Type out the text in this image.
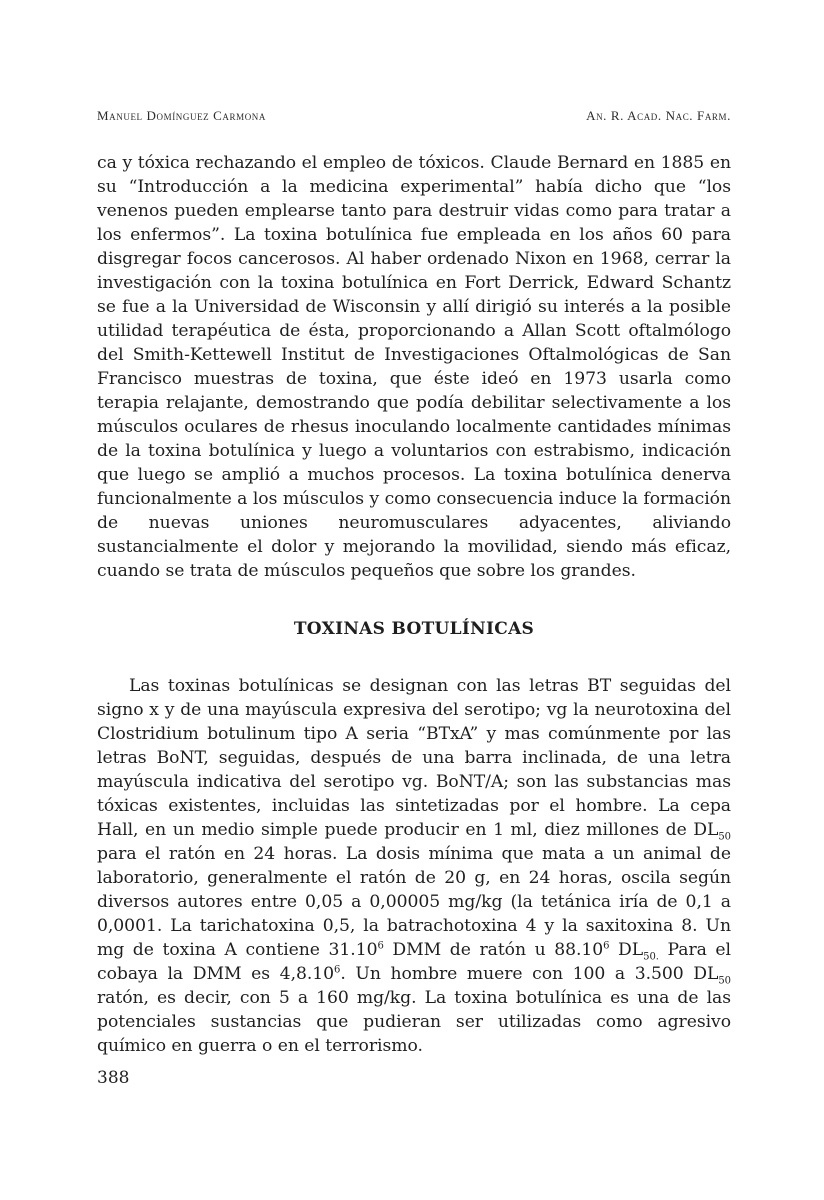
Manuel Domínguez Carmona	An. R. Acad. Nac. Farm.

ca y tóxica rechazando el empleo de tóxicos. Claude Bernard en 1885 en su “Introducción a la medicina experimental” había dicho que “los venenos pueden emplearse tanto para destruir vidas como para tratar a los enfermos”. La toxina botulínica fue empleada en los años 60 para disgregar focos cancerosos. Al haber ordenado Nixon en 1968, cerrar la investigación con la toxina botulínica en Fort Derrick, Edward Schantz se fue a la Universidad de Wisconsin y allí dirigió su interés a la posible utilidad terapéutica de ésta, proporcionando a Allan Scott oftalmólogo del Smith-Kettewell Institut de Investigaciones Oftalmológicas de San Francisco muestras de toxina, que éste ideó en 1973 usarla como terapia relajante, demostrando que podía debilitar selectivamente a los músculos oculares de rhesus inoculando localmente cantidades mínimas de la toxina botulínica y luego a voluntarios con estrabismo, indicación que luego se amplió a muchos procesos. La toxina botulínica denerva funcionalmente a los músculos y como consecuencia induce la formación de nuevas uniones neuromusculares adyacentes, aliviando sustancialmente el dolor y mejorando la movilidad, siendo más eficaz, cuando se trata de músculos pequeños que sobre los grandes.

TOXINAS BOTULÍNICAS

Las toxinas botulínicas se designan con las letras BT seguidas del signo x y de una mayúscula expresiva del serotipo; vg la neurotoxina del Clostridium botulinum tipo A seria “BTxA” y mas comúnmente por las letras BoNT, seguidas, después de una barra inclinada, de una letra mayúscula indicativa del serotipo vg. BoNT/A; son las substancias mas tóxicas existentes, incluidas las sintetizadas por el hombre. La cepa Hall, en un medio simple puede producir en 1 ml, diez millones de $DL_{50}$ para el ratón en 24 horas. La dosis mínima que mata a un animal de laboratorio, generalmente el ratón de 20 g, en 24 horas, oscila según diversos autores entre 0,05 a 0,00005 mg/kg (la tetánica iría de 0,1 a 0,0001. La tarichatoxina 0,5, la batrachotoxina 4 y la saxitoxina 8. Un mg de toxina A contiene 31.10$^6$ DMM de ratón u 88.10$^6$ $DL_{50.}$ Para el cobaya la DMM es 4,8.10$^6$. Un hombre muere con 100 a 3.500 $DL_{50}$ ratón, es decir, con 5 a 160 mg/kg. La toxina botulínica es una de las potenciales sustancias que pudieran ser utilizadas como agresivo químico en guerra o en el terrorismo.

388
